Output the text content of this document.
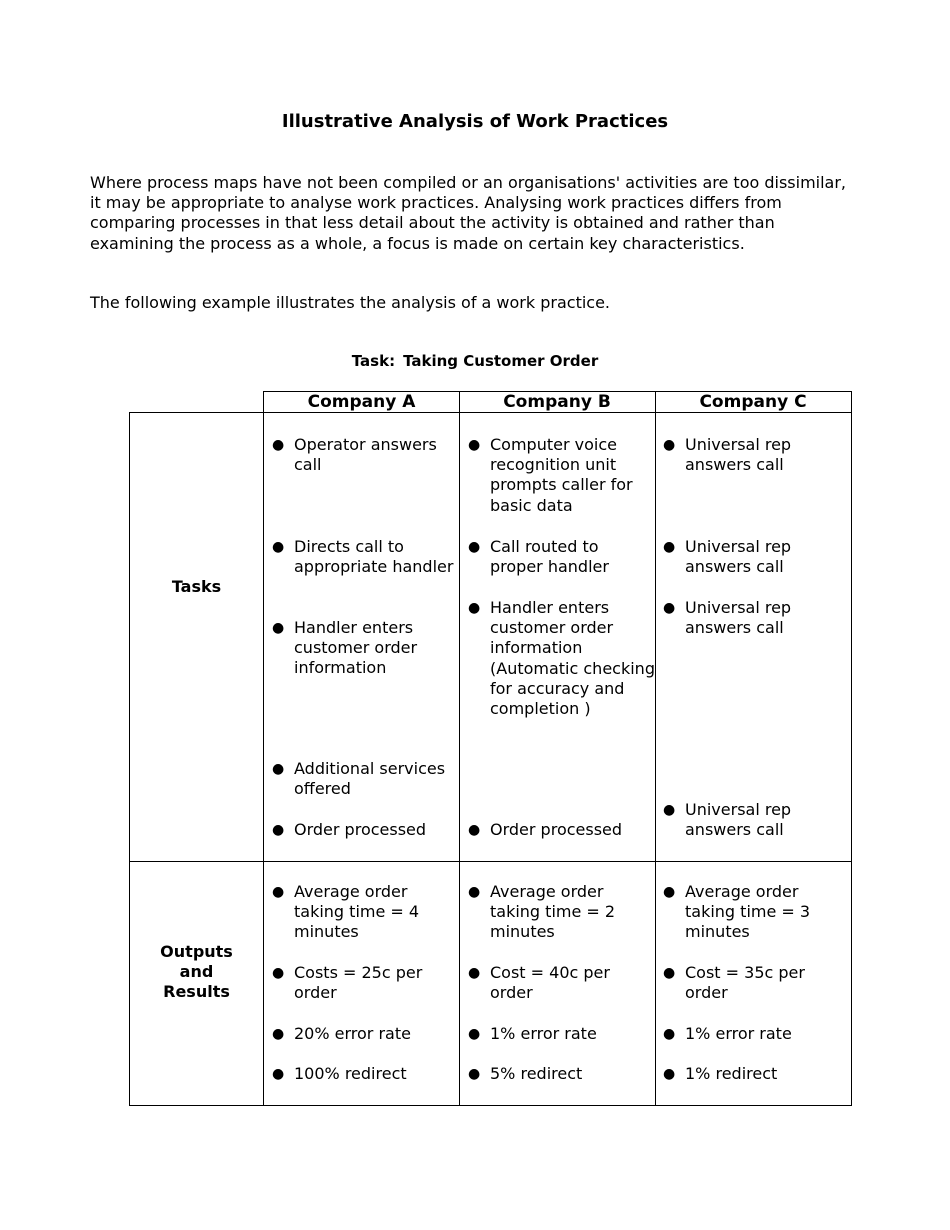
Illustrative Analysis of Work Practices
Where process maps have not been compiled or an organisations' activities are too dissimilar, it may be appropriate to analyse work practices. Analysing work practices differs from comparing processes in that less detail about the activity is obtained and rather than examining the process as a whole, a focus is made on certain key characteristics.
The following example illustrates the analysis of a work practice.
Task: Taking Customer Order
Company A	Company B	Company C
Tasks
Outputs and Results
● Operator answers call
● Directs call to appropriate handler
● Handler enters customer order information
● Additional services offered
● Order processed
● Computer voice recognition unit prompts caller for basic data
● Call routed to proper handler
● Handler enters customer order information (Automatic checking for accuracy and completion )
● Order processed
● Universal rep answers call
● Universal rep answers call
● Universal rep answers call
● Universal rep answers call
● Average order taking time = 4 minutes
● Costs = 25c per order
● 20% error rate
● 100% redirect
● Average order taking time = 2 minutes
● Cost = 40c per order
● 1% error rate
● 5% redirect
● Average order taking time = 3 minutes
● Cost = 35c per order
● 1% error rate
● 1% redirect
